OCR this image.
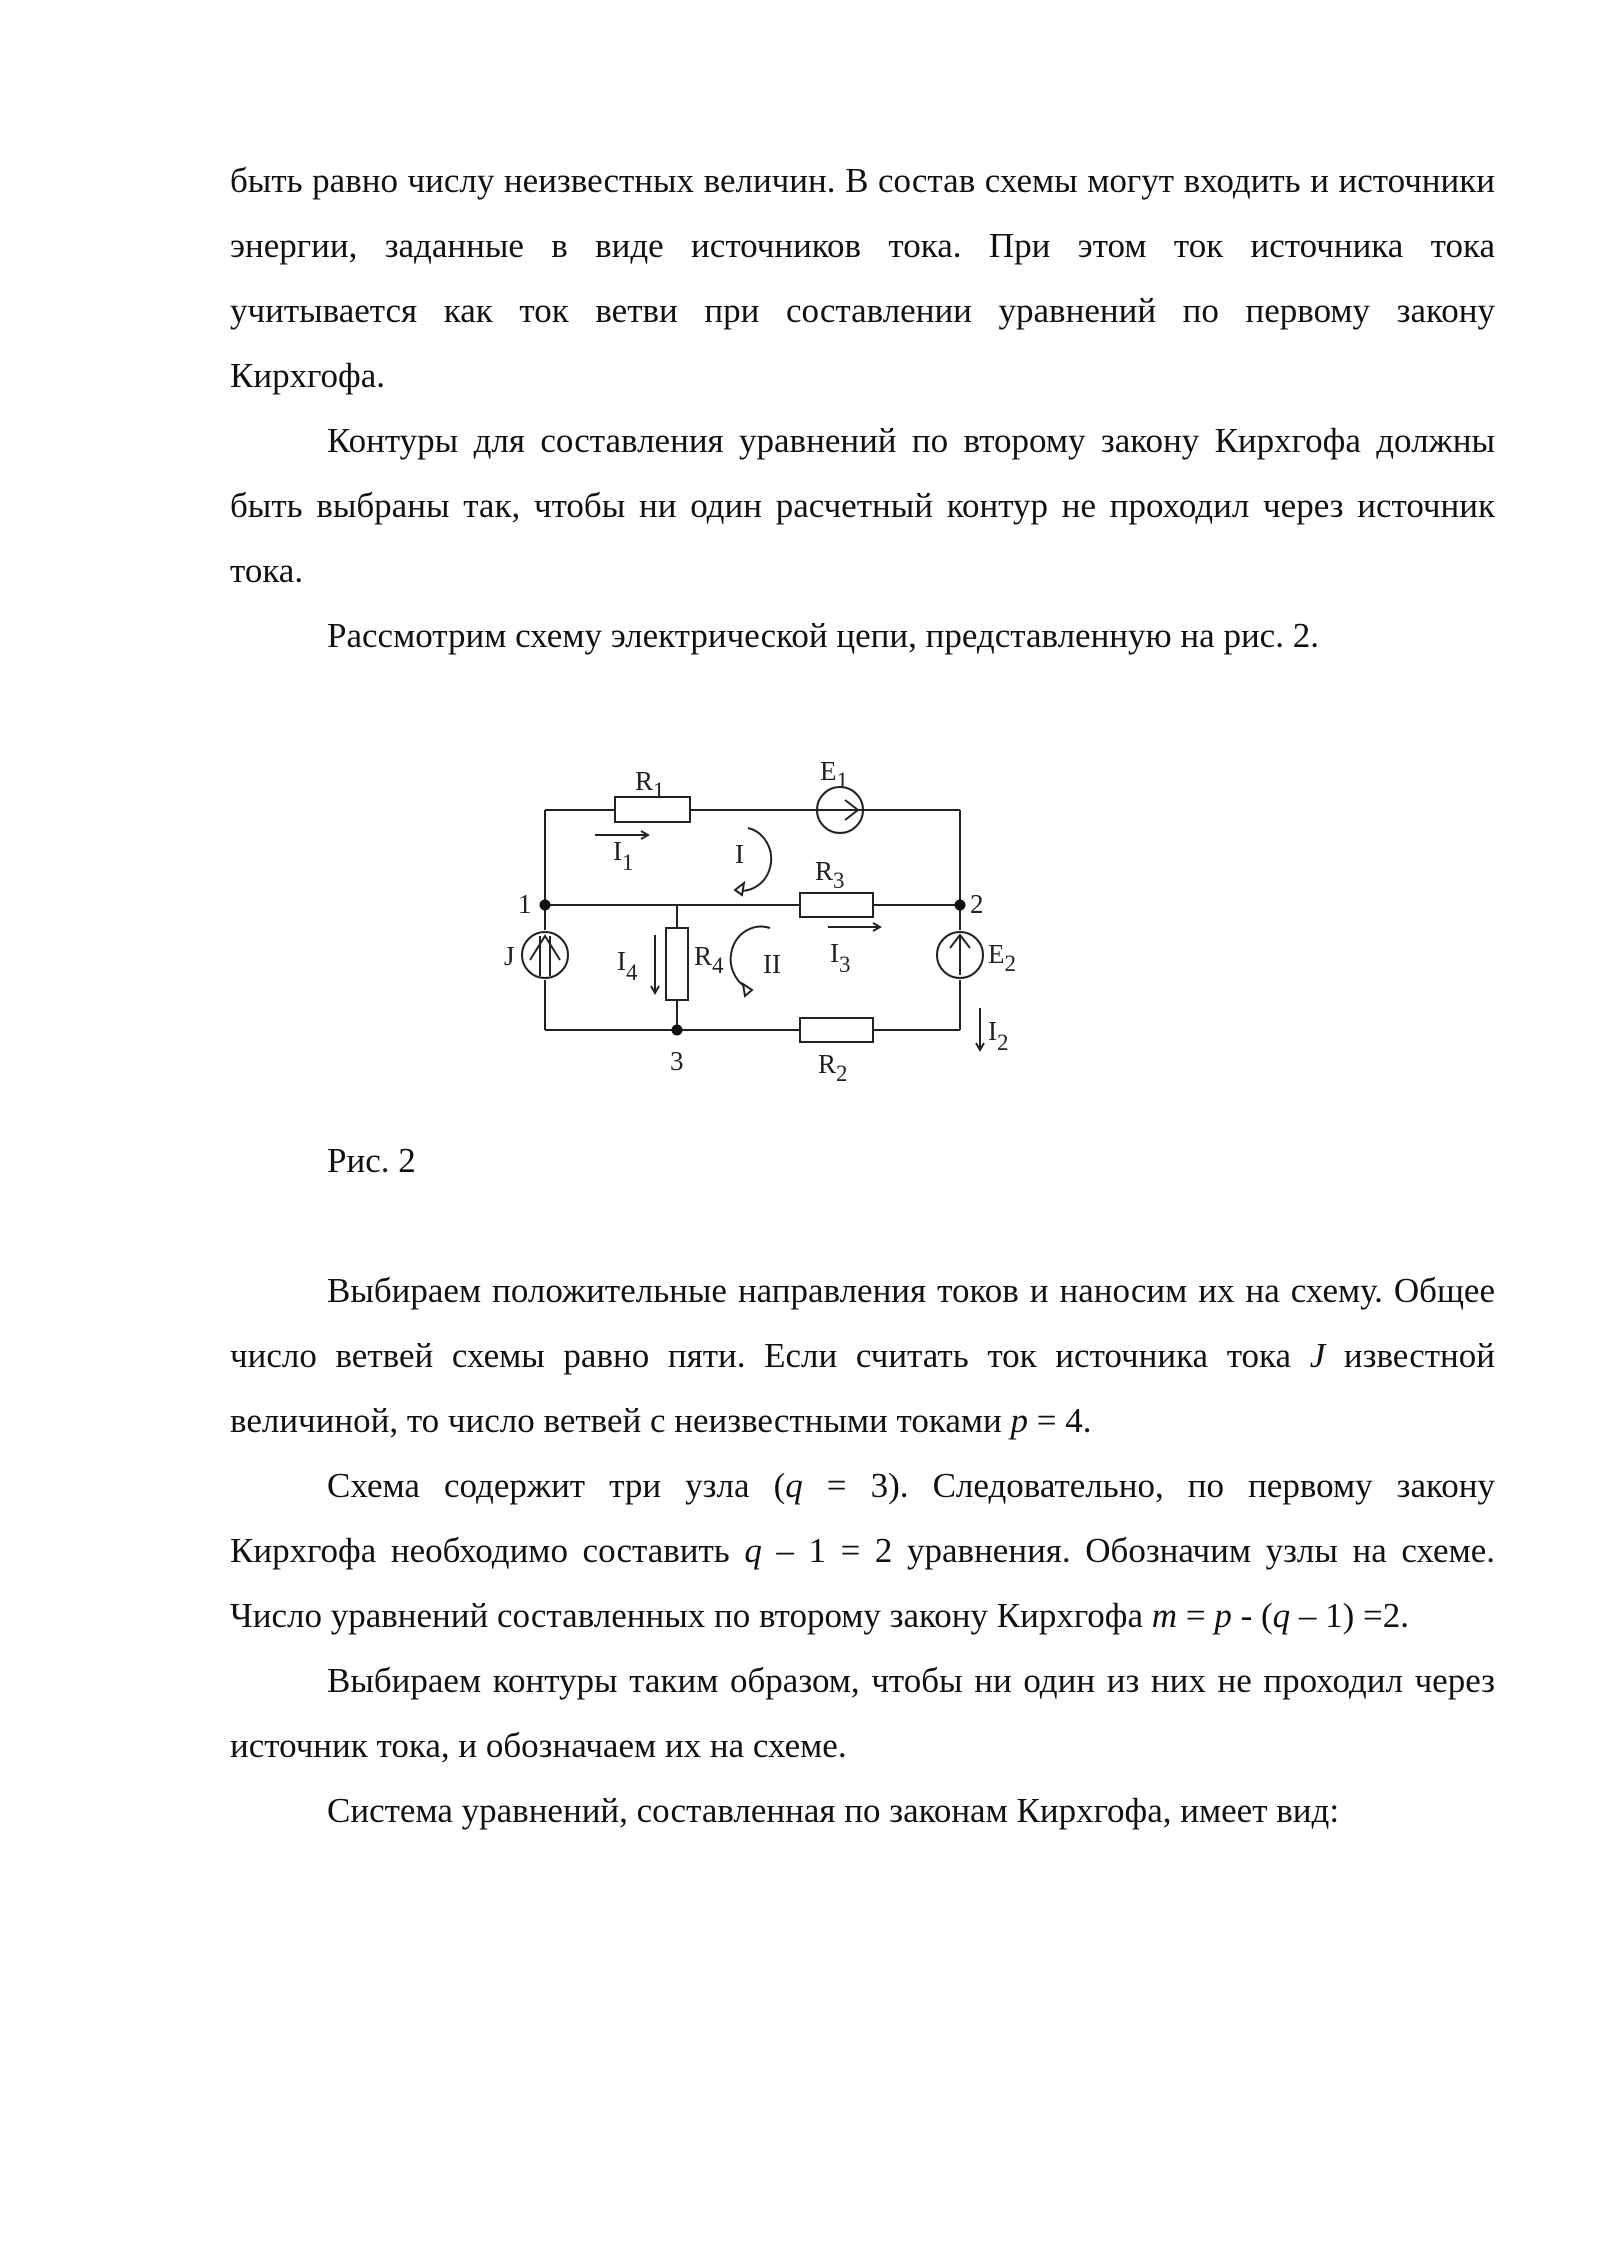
быть равно числу неизвестных величин. В состав схемы могут входить и источники энергии, заданные в виде источников тока. При этом ток источника тока учитывается как ток ветви при составлении уравнений по первому закону Кирхгофа.

Контуры для составления уравнений по второму закону Кирхгофа должны быть выбраны так, чтобы ни один расчетный контур не проходил через источник тока.

Рассмотрим схему электрической цепи, представленную на рис. 2.

R1
E1
I1	I
R3
1	2
3
J	I4
R4 II I3	E2
I2
R2
Рис. 2

Выбираем положительные направления токов и наносим их на схему. Общее число ветвей схемы равно пяти. Если считать ток источника тока J известной величиной, то число ветвей с неизвестными токами p = 4.

Схема содержит три узла (q = 3). Следовательно, по первому закону Кирхгофа необходимо составить q – 1 = 2 уравнения. Обозначим узлы на схеме. Число уравнений составленных по второму закону Кирхгофа m = p - (q – 1) =2.

Выбираем контуры таким образом, чтобы ни один из них не проходил через источник тока, и обозначаем их на схеме.

Система уравнений, составленная по законам Кирхгофа, имеет вид:
